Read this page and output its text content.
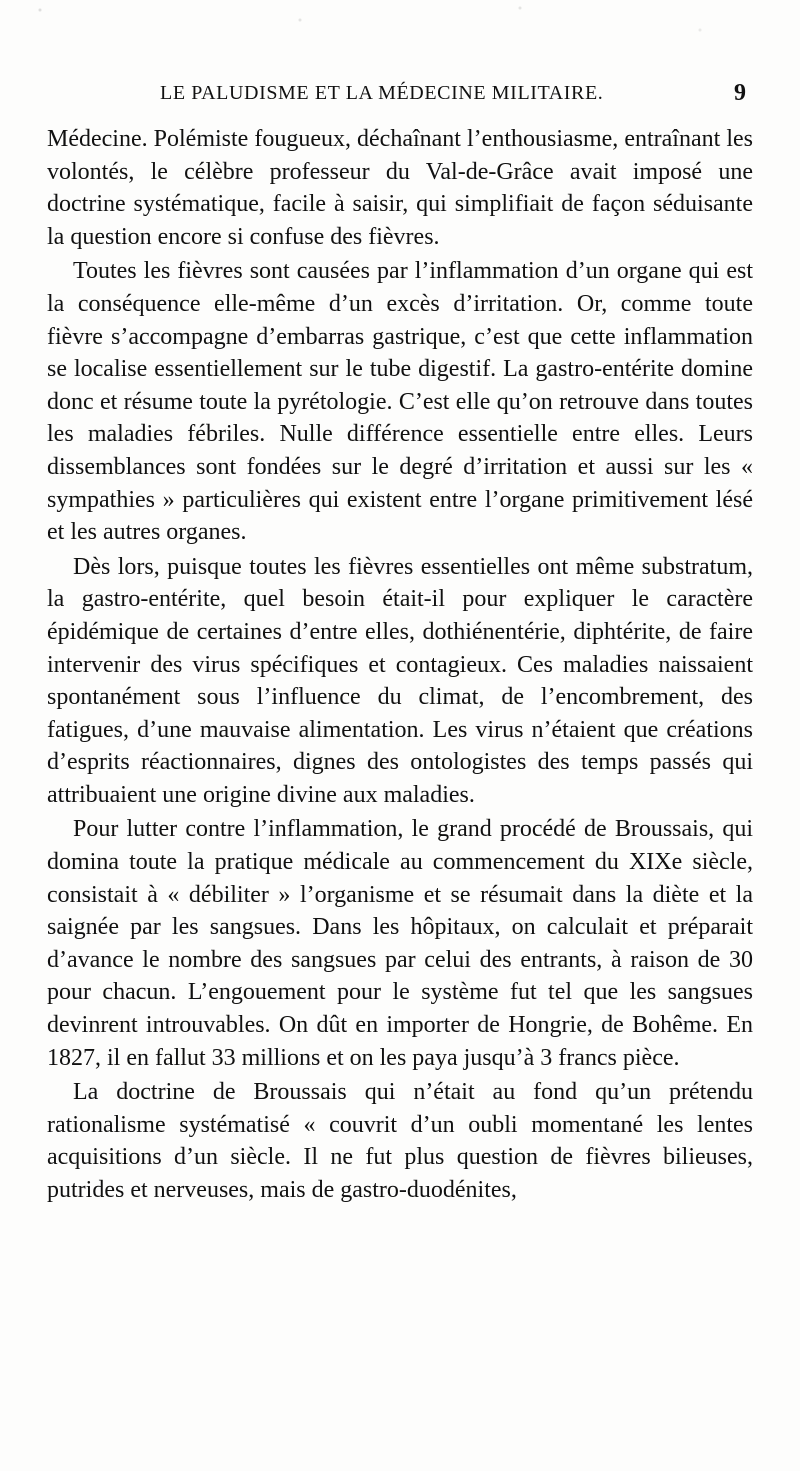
LE PALUDISME ET LA MÉDECINE MILITAIRE.	9

Médecine. Polémiste fougueux, déchaînant l’enthousiasme, entraînant les volontés, le célèbre professeur du Val-de-Grâce avait imposé une doctrine systématique, facile à saisir, qui simplifiait de façon séduisante la question encore si confuse des fièvres.

Toutes les fièvres sont causées par l’inflammation d’un organe qui est la conséquence elle-même d’un excès d’irritation. Or, comme toute fièvre s’accompagne d’embarras gastrique, c’est que cette inflammation se localise essentiellement sur le tube digestif. La gastro-entérite domine donc et résume toute la pyrétologie. C’est elle qu’on retrouve dans toutes les maladies fébriles. Nulle différence essentielle entre elles. Leurs dissemblances sont fondées sur le degré d’irritation et aussi sur les « sympathies » particulières qui existent entre l’organe primitivement lésé et les autres organes.

Dès lors, puisque toutes les fièvres essentielles ont même substratum, la gastro-entérite, quel besoin était-il pour expliquer le caractère épidémique de certaines d’entre elles, dothiénentérie, diphtérite, de faire intervenir des virus spécifiques et contagieux. Ces maladies naissaient spontanément sous l’influence du climat, de l’encombrement, des fatigues, d’une mauvaise alimentation. Les virus n’étaient que créations d’esprits réactionnaires, dignes des ontologistes des temps passés qui attribuaient une origine divine aux maladies.

Pour lutter contre l’inflammation, le grand procédé de Broussais, qui domina toute la pratique médicale au commencement du XIXe siècle, consistait à « débiliter » l’organisme et se résumait dans la diète et la saignée par les sangsues. Dans les hôpitaux, on calculait et préparait d’avance le nombre des sangsues par celui des entrants, à raison de 30 pour chacun. L’engouement pour le système fut tel que les sangsues devinrent introuvables. On dût en importer de Hongrie, de Bohême. En 1827, il en fallut 33 millions et on les paya jusqu’à 3 francs pièce.

La doctrine de Broussais qui n’était au fond qu’un prétendu rationalisme systématisé « couvrit d’un oubli momentané les lentes acquisitions d’un siècle. Il ne fut plus question de fièvres bilieuses, putrides et nerveuses, mais de gastro-duodénites,
